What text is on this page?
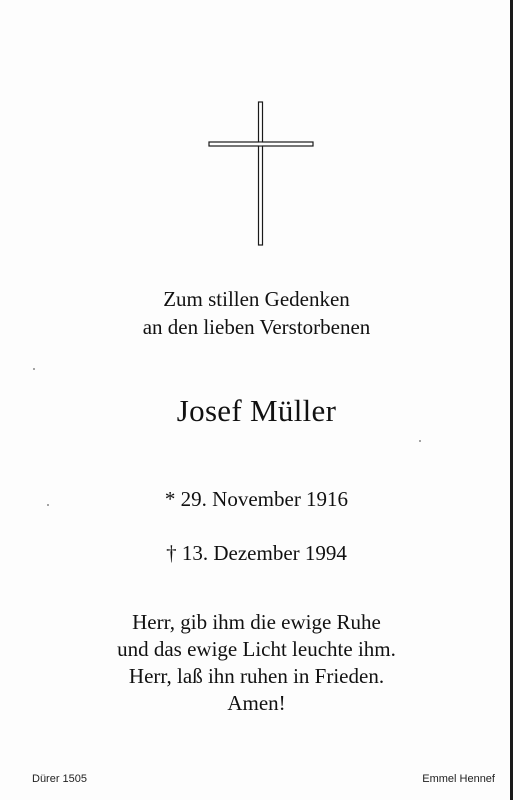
Zum stillen Gedenken
an den lieben Verstorbenen
Josef Müller
* 29. November 1916
† 13. Dezember 1994
Herr, gib ihm die ewige Ruhe
und das ewige Licht leuchte ihm.
Herr, laß ihn ruhen in Frieden.
Amen!
Dürer 1505	Emmel Hennef
